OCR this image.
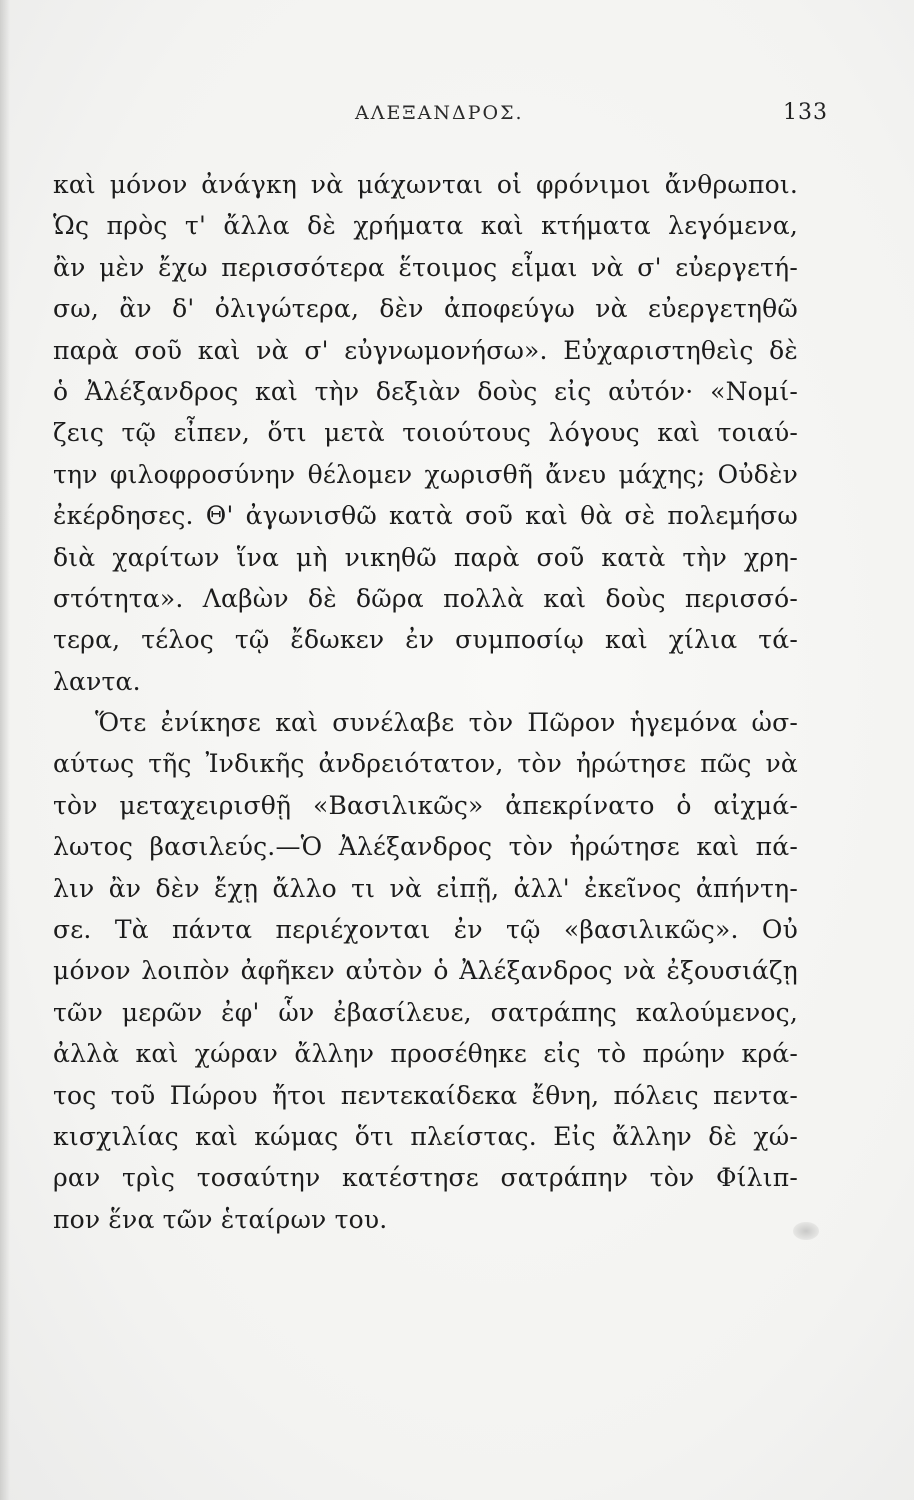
ΑΛΕΞΑΝΔΡΟΣ.	133
καὶ μόνον ἀνάγκη νὰ μάχωνται οἱ φρόνιμοι ἄνθρωποι.
Ὡς πρὸς τ' ἄλλα δὲ χρήματα καὶ κτήματα λεγόμενα,
ἂν μὲν ἔχω περισσότερα ἕτοιμος εἶμαι νὰ σ' εὐεργετή-
σω, ἂν δ' ὀλιγώτερα, δὲν ἀποφεύγω νὰ εὐεργετηθῶ
παρὰ σοῦ καὶ νὰ σ' εὐγνωμονήσω». Εὐχαριστηθεὶς δὲ
ὁ Ἀλέξανδρος καὶ τὴν δεξιὰν δοὺς εἰς αὐτόν· «Νομί-
ζεις τῷ εἶπεν, ὅτι μετὰ τοιούτους λόγους καὶ τοιαύ-
την φιλοφροσύνην θέλομεν χωρισθῆ ἄνευ μάχης; Οὐδὲν
ἐκέρδησες. Θ' ἀγωνισθῶ κατὰ σοῦ καὶ θὰ σὲ πολεμήσω
διὰ χαρίτων ἵνα μὴ νικηθῶ παρὰ σοῦ κατὰ τὴν χρη-
στότητα». Λαβὼν δὲ δῶρα πολλὰ καὶ δοὺς περισσό-
τερα, τέλος τῷ ἔδωκεν ἐν συμποσίῳ καὶ χίλια τά-
λαντα.
Ὅτε ἐνίκησε καὶ συνέλαβε τὸν Πῶρον ἡγεμόνα ὡσ-
αύτως τῆς Ἰνδικῆς ἀνδρειότατον, τὸν ἠρώτησε πῶς νὰ
τὸν μεταχειρισθῇ «Βασιλικῶς» ἀπεκρίνατο ὁ αἰχμά-
λωτος βασιλεύς.—Ὁ Ἀλέξανδρος τὸν ἠρώτησε καὶ πά-
λιν ἂν δὲν ἔχῃ ἄλλο τι νὰ εἰπῇ, ἀλλ' ἐκεῖνος ἀπήντη-
σε. Τὰ πάντα περιέχονται ἐν τῷ «βασιλικῶς». Οὐ
μόνον λοιπὸν ἀφῆκεν αὐτὸν ὁ Ἀλέξανδρος νὰ ἐξουσιάζῃ
τῶν μερῶν ἐφ' ὧν ἐβασίλευε, σατράπης καλούμενος,
ἀλλὰ καὶ χώραν ἄλλην προσέθηκε εἰς τὸ πρώην κρά-
τος τοῦ Πώρου ἤτοι πεντεκαίδεκα ἔθνη, πόλεις πεντα-
κισχιλίας καὶ κώμας ὅτι πλείστας. Εἰς ἄλλην δὲ χώ-
ραν τρὶς τοσαύτην κατέστησε σατράπην τὸν Φίλιπ-
πον ἕνα τῶν ἑταίρων του.
